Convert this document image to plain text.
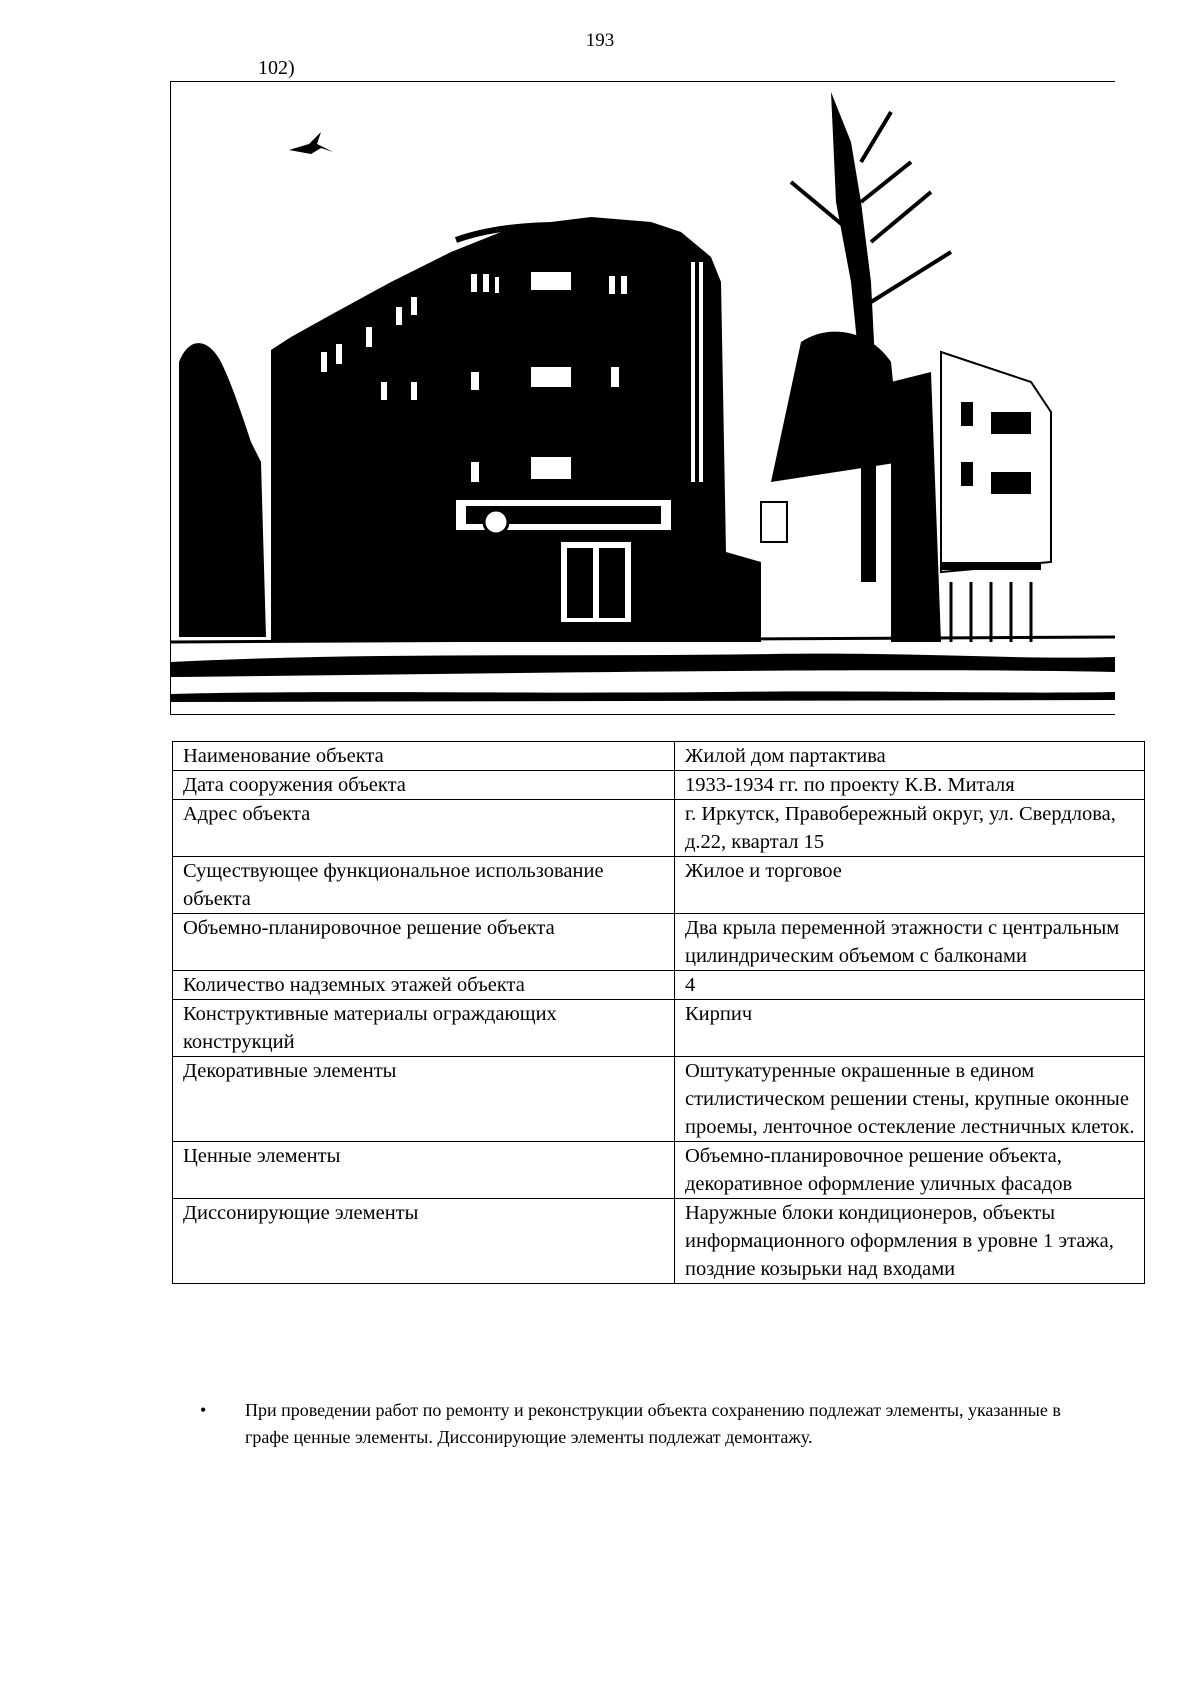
193
102)
Наименование объекта	Жилой дом партактива
Дата сооружения объекта	1933-1934 гг. по проекту К.В. Миталя
Адрес объекта	г. Иркутск, Правобережный округ, ул. Свердлова, д.22, квартал 15
Существующее функциональное использование объекта	Жилое и торговое
Объемно-планировочное решение объекта	Два крыла переменной этажности с центральным цилиндрическим объемом с балконами
Количество надземных этажей объекта	4
Конструктивные материалы ограждающих конструкций	Кирпич
Декоративные элементы	Оштукатуренные окрашенные в едином стилистическом решении стены, крупные оконные проемы, ленточное остекление лестничных клеток.
Ценные элементы	Объемно-планировочное решение объекта, декоративное оформление уличных фасадов
Диссонирующие элементы	Наружные блоки кондиционеров, объекты информационного оформления в уровне 1 этажа, поздние козырьки над входами
• При проведении работ по ремонту и реконструкции объекта сохранению подлежат элементы, указанные в графе ценные элементы. Диссонирующие элементы подлежат демонтажу.
